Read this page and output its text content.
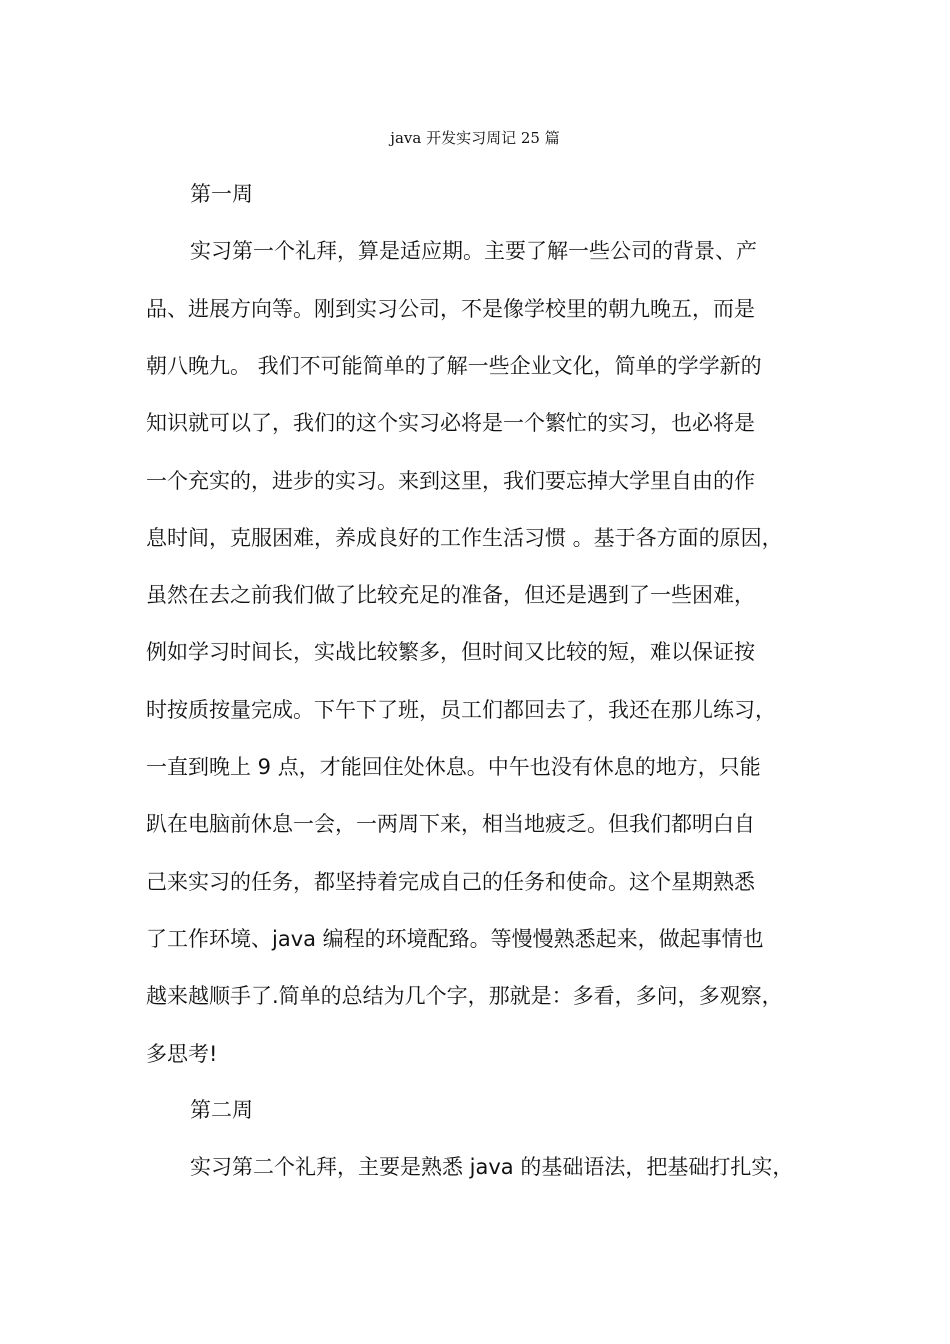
java 开发实习周记 25 篇
第一周
实习第一个礼拜，算是适应期。主要了解一些公司的背景、产
品、进展方向等。刚到实习公司，不是像学校里的朝九晚五，而是
朝八晚九。 我们不可能简单的了解一些企业文化，简单的学学新的
知识就可以了，我们的这个实习必将是一个繁忙的实习，也必将是
一个充实的，进步的实习。来到这里，我们要忘掉大学里自由的作
息时间，克服困难，养成良好的工作生活习惯 。基于各方面的原因，
虽然在去之前我们做了比较充足的准备，但还是遇到了一些困难，
例如学习时间长，实战比较繁多，但时间又比较的短，难以保证按
时按质按量完成。下午下了班，员工们都回去了，我还在那儿练习，
一直到晚上 9 点，才能回住处休息。中午也没有休息的地方，只能
趴在电脑前休息一会，一两周下来，相当地疲乏。但我们都明白自
己来实习的任务，都坚持着完成自己的任务和使命。这个星期熟悉
了工作环境、java 编程的环境配臵。等慢慢熟悉起来，做起事情也
越来越顺手了.简单的总结为几个字，那就是：多看，多问，多观察，
多思考!
第二周
实习第二个礼拜，主要是熟悉 java 的基础语法，把基础打扎实，
